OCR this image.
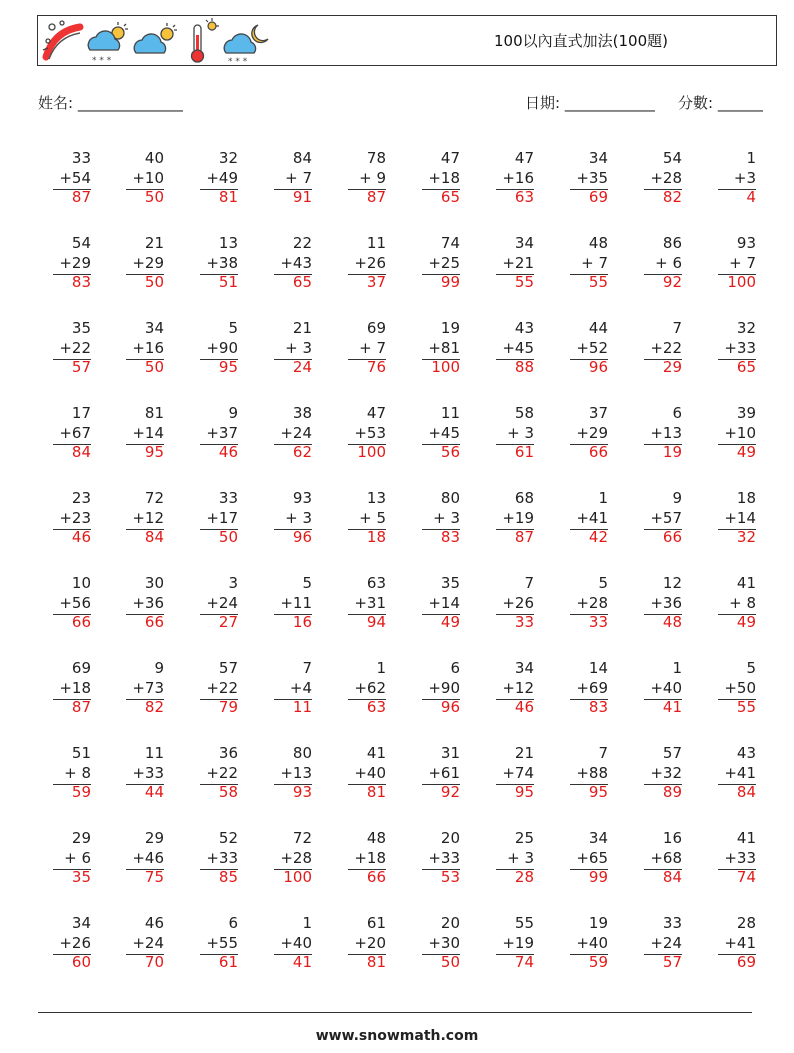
* * *	* * *
100以內直式加法(100題)
姓名: ______________	日期: ____________ 分數: ______
33
+54
87
40
+10
50
32
+49
81
84
+ 7
91
78
+ 9
87
47
+18
65
47
+16
63
34
+35
69
54
+28
82
1
+3
4
54
+29
83
21
+29
50
13
+38
51
22
+43
65
11
+26
37
74
+25
99
34
+21
55
48
+ 7
55
86
+ 6
92
93
+ 7
100
35
+22
57
34
+16
50
5
+90
95
21
+ 3
24
69
+ 7
76
19
+81
100
43
+45
88
44
+52
96
7
+22
29
32
+33
65
17
+67
84
81
+14
95
9
+37
46
38
+24
62
47
+53
100
11
+45
56
58
+ 3
61
37
+29
66
6
+13
19
39
+10
49
23
+23
46
72
+12
84
33
+17
50
93
+ 3
96
13
+ 5
18
80
+ 3
83
68
+19
87
1
+41
42
9
+57
66
18
+14
32
10
+56
66
30
+36
66
3
+24
27
5
+11
16
63
+31
94
35
+14
49
7
+26
33
5
+28
33
12
+36
48
41
+ 8
49
69
+18
87
9
+73
82
57
+22
79
7
+4
11
1
+62
63
6
+90
96
34
+12
46
14
+69
83
1
+40
41
5
+50
55
51
+ 8
59
11
+33
44
36
+22
58
80
+13
93
41
+40
81
31
+61
92
21
+74
95
7
+88
95
57
+32
89
43
+41
84
29
+ 6
35
29
+46
75
52
+33
85
72
+28
100
48
+18
66
20
+33
53
25
+ 3
28
34
+65
99
16
+68
84
41
+33
74
34
+26
60
46
+24
70
6
+55
61
1
+40
41
61
+20
81
20
+30
50
55
+19
74
19
+40
59
33
+24
57
28
+41
69
www.snowmath.com
